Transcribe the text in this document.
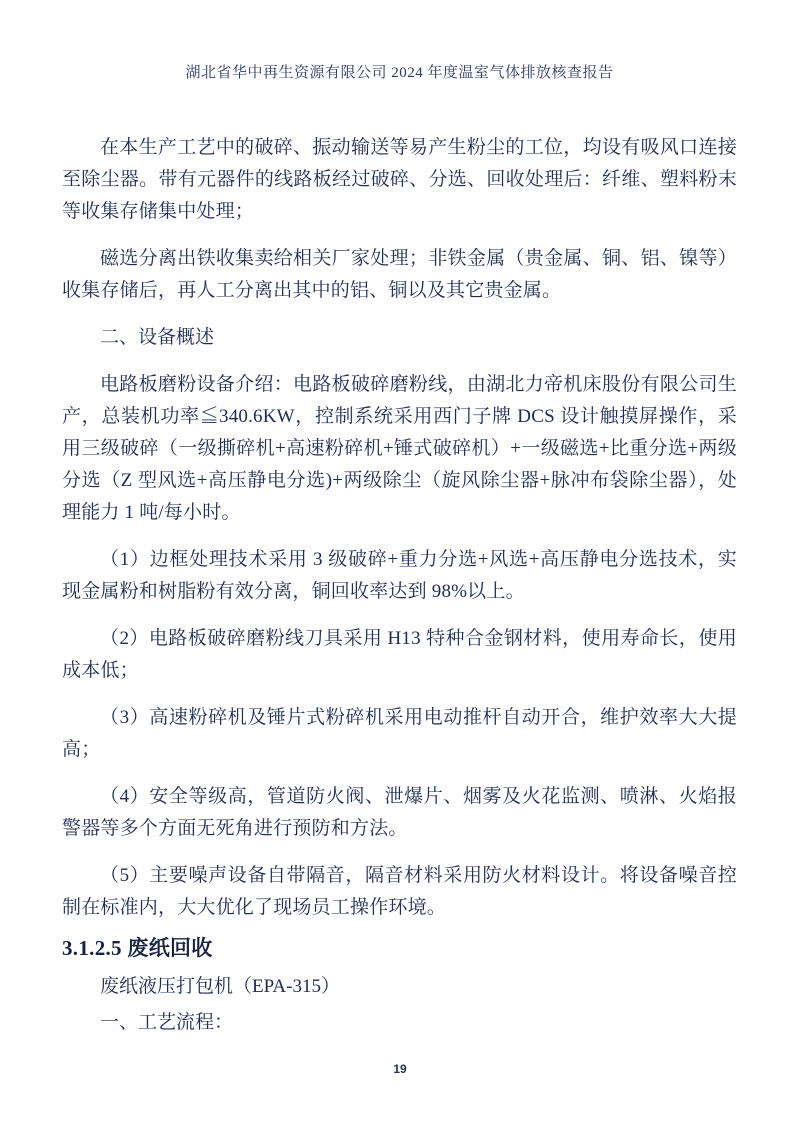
湖北省华中再生资源有限公司 2024 年度温室气体排放核查报告

在本生产工艺中的破碎、振动输送等易产生粉尘的工位，均设有吸风口连接至除尘器。带有元器件的线路板经过破碎、分选、回收处理后：纤维、塑料粉末等收集存储集中处理；

磁选分离出铁收集卖给相关厂家处理；非铁金属（贵金属、铜、铝、镍等）收集存储后，再人工分离出其中的铝、铜以及其它贵金属。

二、设备概述

电路板磨粉设备介绍：电路板破碎磨粉线，由湖北力帝机床股份有限公司生产，总装机功率≦340.6KW，控制系统采用西门子牌 DCS 设计触摸屏操作，采用三级破碎（一级撕碎机+高速粉碎机+锤式破碎机）+一级磁选+比重分选+两级分选（Z 型风选+高压静电分选)+两级除尘（旋风除尘器+脉冲布袋除尘器），处理能力 1 吨/每小时。

（1）边框处理技术采用 3 级破碎+重力分选+风选+高压静电分选技术，实现金属粉和树脂粉有效分离，铜回收率达到 98%以上。

（2）电路板破碎磨粉线刀具采用 H13 特种合金钢材料，使用寿命长，使用成本低；

（3）高速粉碎机及锤片式粉碎机采用电动推杆自动开合，维护效率大大提高；

（4）安全等级高，管道防火阀、泄爆片、烟雾及火花监测、喷淋、火焰报警器等多个方面无死角进行预防和方法。

（5）主要噪声设备自带隔音，隔音材料采用防火材料设计。将设备噪音控制在标准内，大大优化了现场员工操作环境。

3.1.2.5 废纸回收

废纸液压打包机（EPA-315）

一、工艺流程：

19
